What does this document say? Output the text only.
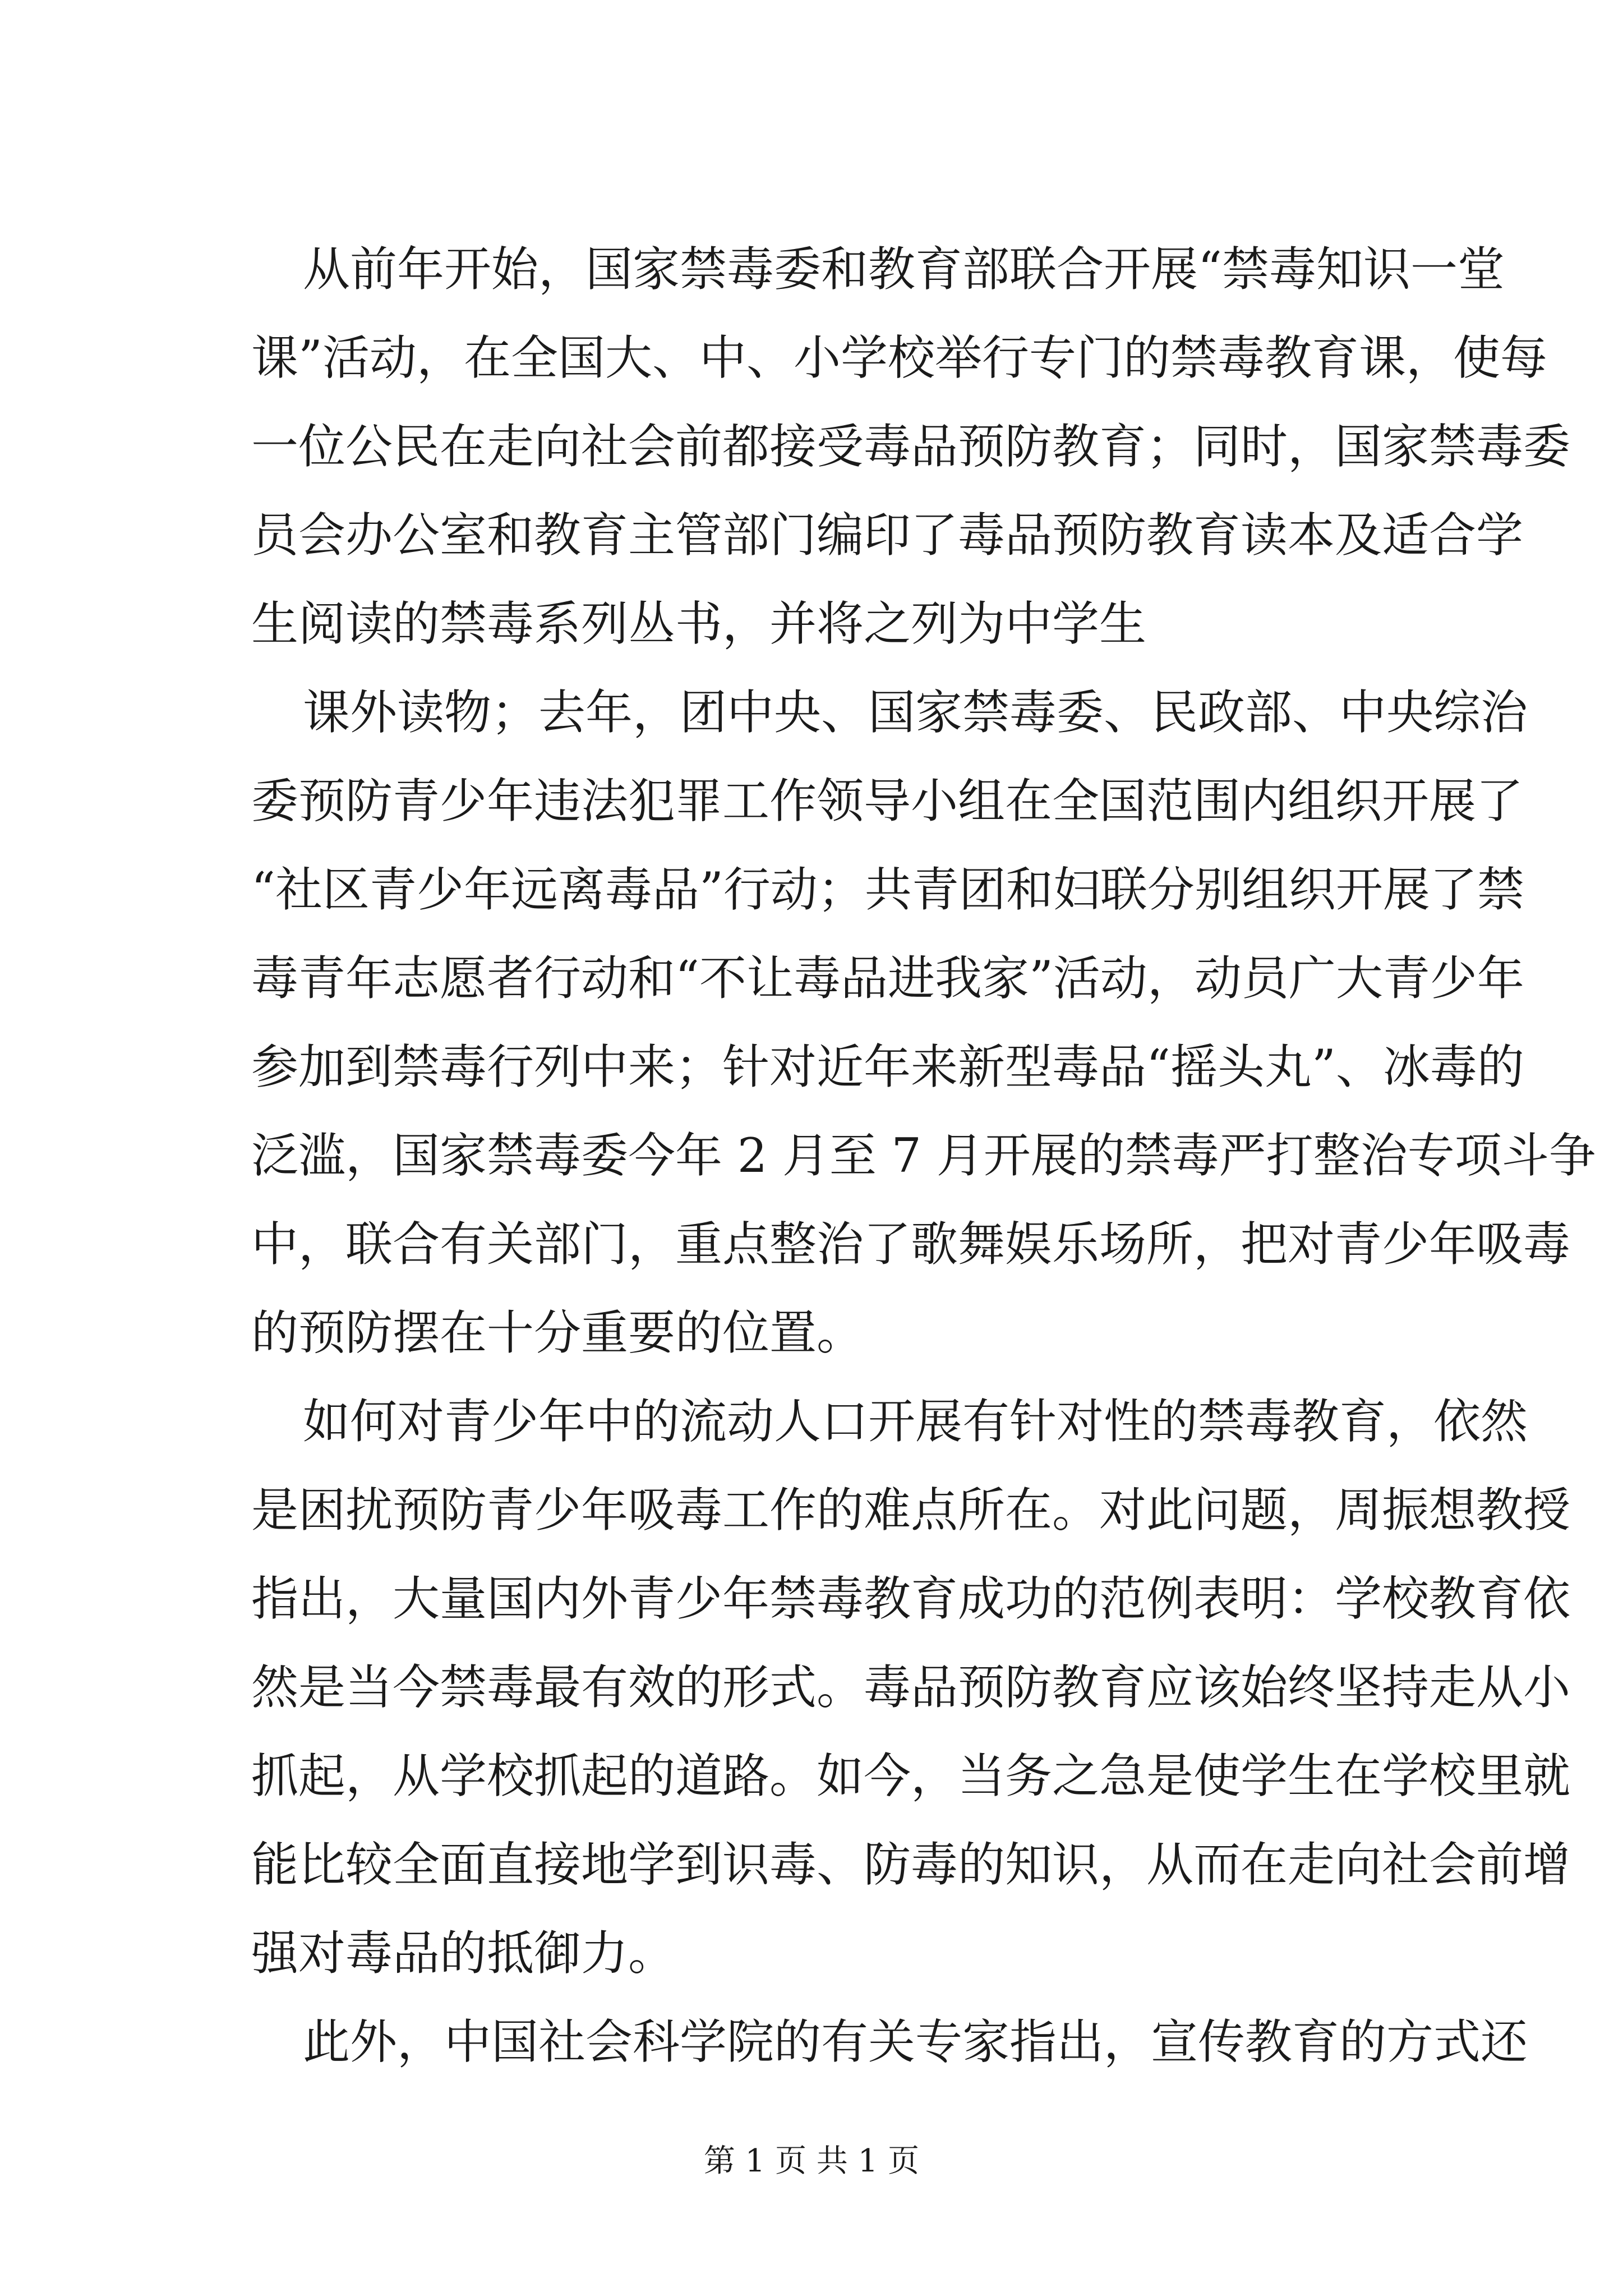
从前年开始，国家禁毒委和教育部联合开展“禁毒知识一堂
课”活动，在全国大、中、小学校举行专门的禁毒教育课，使每
一位公民在走向社会前都接受毒品预防教育；同时，国家禁毒委
员会办公室和教育主管部门编印了毒品预防教育读本及适合学
生阅读的禁毒系列丛书，并将之列为中学生
课外读物；去年，团中央、国家禁毒委、民政部、中央综治
委预防青少年违法犯罪工作领导小组在全国范围内组织开展了
“社区青少年远离毒品”行动；共青团和妇联分别组织开展了禁
毒青年志愿者行动和“不让毒品进我家”活动，动员广大青少年
参加到禁毒行列中来；针对近年来新型毒品“摇头丸”、冰毒的
泛滥，国家禁毒委今年 2 月至 7 月开展的禁毒严打整治专项斗争
中，联合有关部门，重点整治了歌舞娱乐场所，把对青少年吸毒
的预防摆在十分重要的位置。
如何对青少年中的流动人口开展有针对性的禁毒教育，依然
是困扰预防青少年吸毒工作的难点所在。对此问题，周振想教授
指出，大量国内外青少年禁毒教育成功的范例表明：学校教育依
然是当今禁毒最有效的形式。毒品预防教育应该始终坚持走从小
抓起，从学校抓起的道路。如今，当务之急是使学生在学校里就
能比较全面直接地学到识毒、防毒的知识，从而在走向社会前增
第 1 页 共 1 页
强对毒品的抵御力。
此外，中国社会科学院的有关专家指出，宣传教育的方式还
